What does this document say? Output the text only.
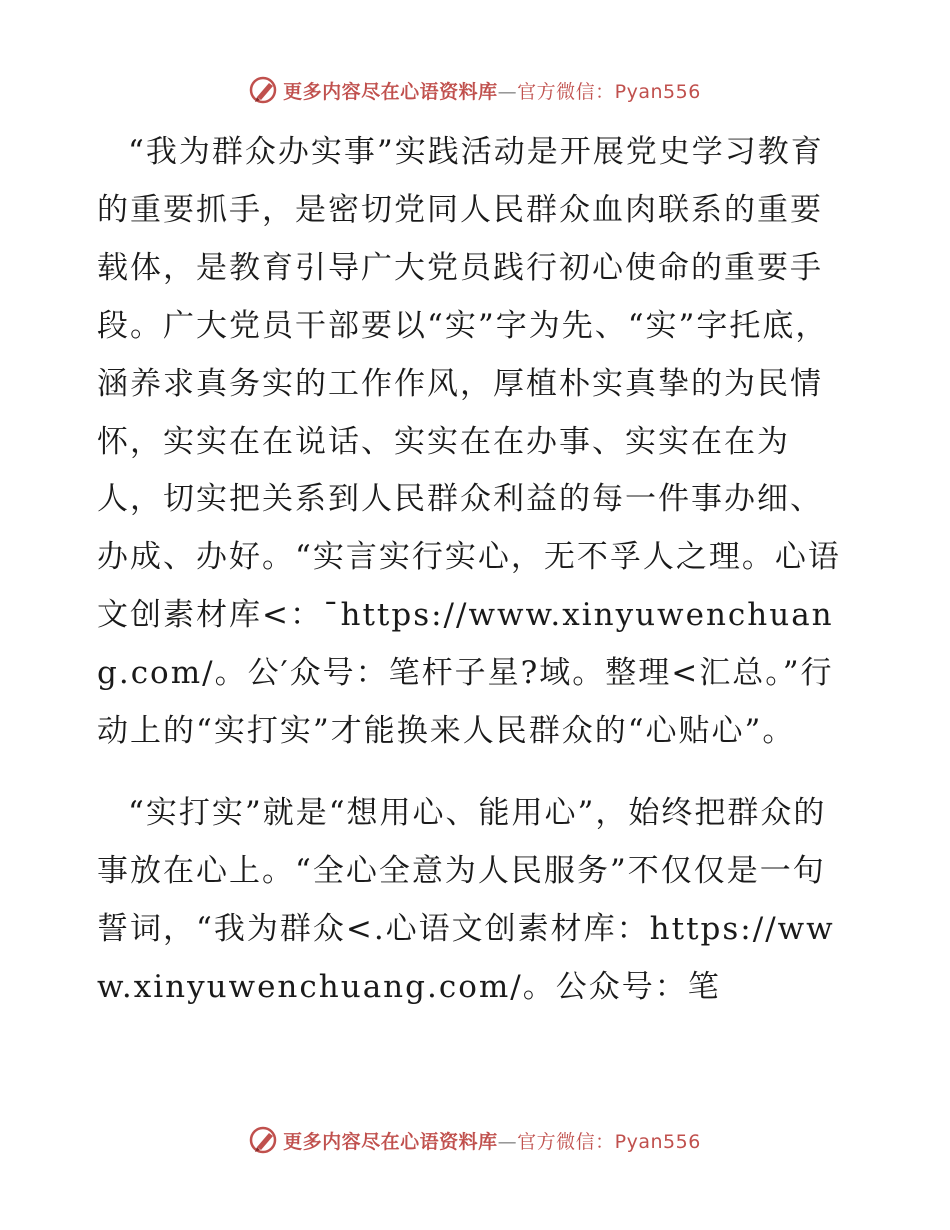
更多内容尽在心语资料库—官方微信：Pyan556

“我为群众办实事”实践活动是开展党史学习教育的重要抓手，是密切党同人民群众血肉联系的重要载体，是教育引导广大党员践行初心使命的重要手段。广大党员干部要以“实”字为先、“实”字托底，涵养求真务实的工作作风，厚植朴实真挚的为民情怀，实实在在说话、实实在在办事、实实在在为人，切实把关系到人民群众利益的每一件事办细、办成、办好。“实言实行实心，无不孚人之理。心语文创素材库<：¯https://www.xinyuwenchuang.com/。公′众号：笔杆子星?域。整理<汇总。”行动上的“实打实”才能换来人民群众的“心贴心”。

“实打实”就是“想用心、能用心”，始终把群众的事放在心上。“全心全意为人民服务”不仅仅是一句誓词，“我为群众<.心语文创素材库：https://www.xinyuwenchuang.com/。公众号：笔

更多内容尽在心语资料库—官方微信：Pyan556
